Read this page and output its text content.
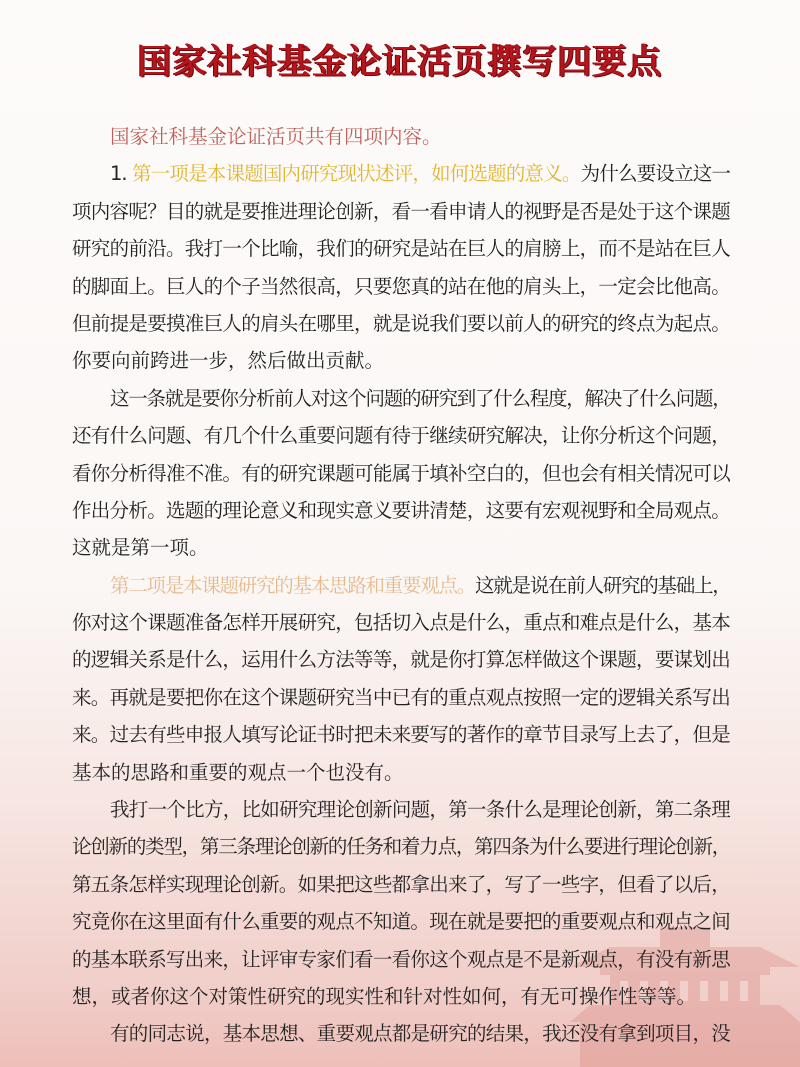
国家社科基金论证活页撰写四要点
国家社科基金论证活页共有四项内容。
1. 第一项是本课题国内研究现状述评，如何选题的意义。为什么要设立这一
项内容呢？目的就是要推进理论创新，看一看申请人的视野是否是处于这个课题
研究的前沿。我打一个比喻，我们的研究是站在巨人的肩膀上，而不是站在巨人
的脚面上。巨人的个子当然很高，只要您真的站在他的肩头上，一定会比他高。
但前提是要摸准巨人的肩头在哪里，就是说我们要以前人的研究的终点为起点。
你要向前跨进一步，然后做出贡献。
这一条就是要你分析前人对这个问题的研究到了什么程度，解决了什么问题，
还有什么问题、有几个什么重要问题有待于继续研究解决，让你分析这个问题，
看你分析得准不准。有的研究课题可能属于填补空白的，但也会有相关情况可以
作出分析。选题的理论意义和现实意义要讲清楚，这要有宏观视野和全局观点。
这就是第一项。
第二项是本课题研究的基本思路和重要观点。这就是说在前人研究的基础上，
你对这个课题准备怎样开展研究，包括切入点是什么，重点和难点是什么，基本
的逻辑关系是什么，运用什么方法等等，就是你打算怎样做这个课题，要谋划出
来。再就是要把你在这个课题研究当中已有的重点观点按照一定的逻辑关系写出
来。过去有些申报人填写论证书时把未来要写的著作的章节目录写上去了，但是
基本的思路和重要的观点一个也没有。
我打一个比方，比如研究理论创新问题，第一条什么是理论创新，第二条理
论创新的类型，第三条理论创新的任务和着力点，第四条为什么要进行理论创新，
第五条怎样实现理论创新。如果把这些都拿出来了，写了一些字，但看了以后，
究竟你在这里面有什么重要的观点不知道。现在就是要把的重要观点和观点之间
的基本联系写出来，让评审专家们看一看你这个观点是不是新观点，有没有新思
想，或者你这个对策性研究的现实性和针对性如何，有无可操作性等等。
有的同志说，基本思想、重要观点都是研究的结果，我还没有拿到项目，没
